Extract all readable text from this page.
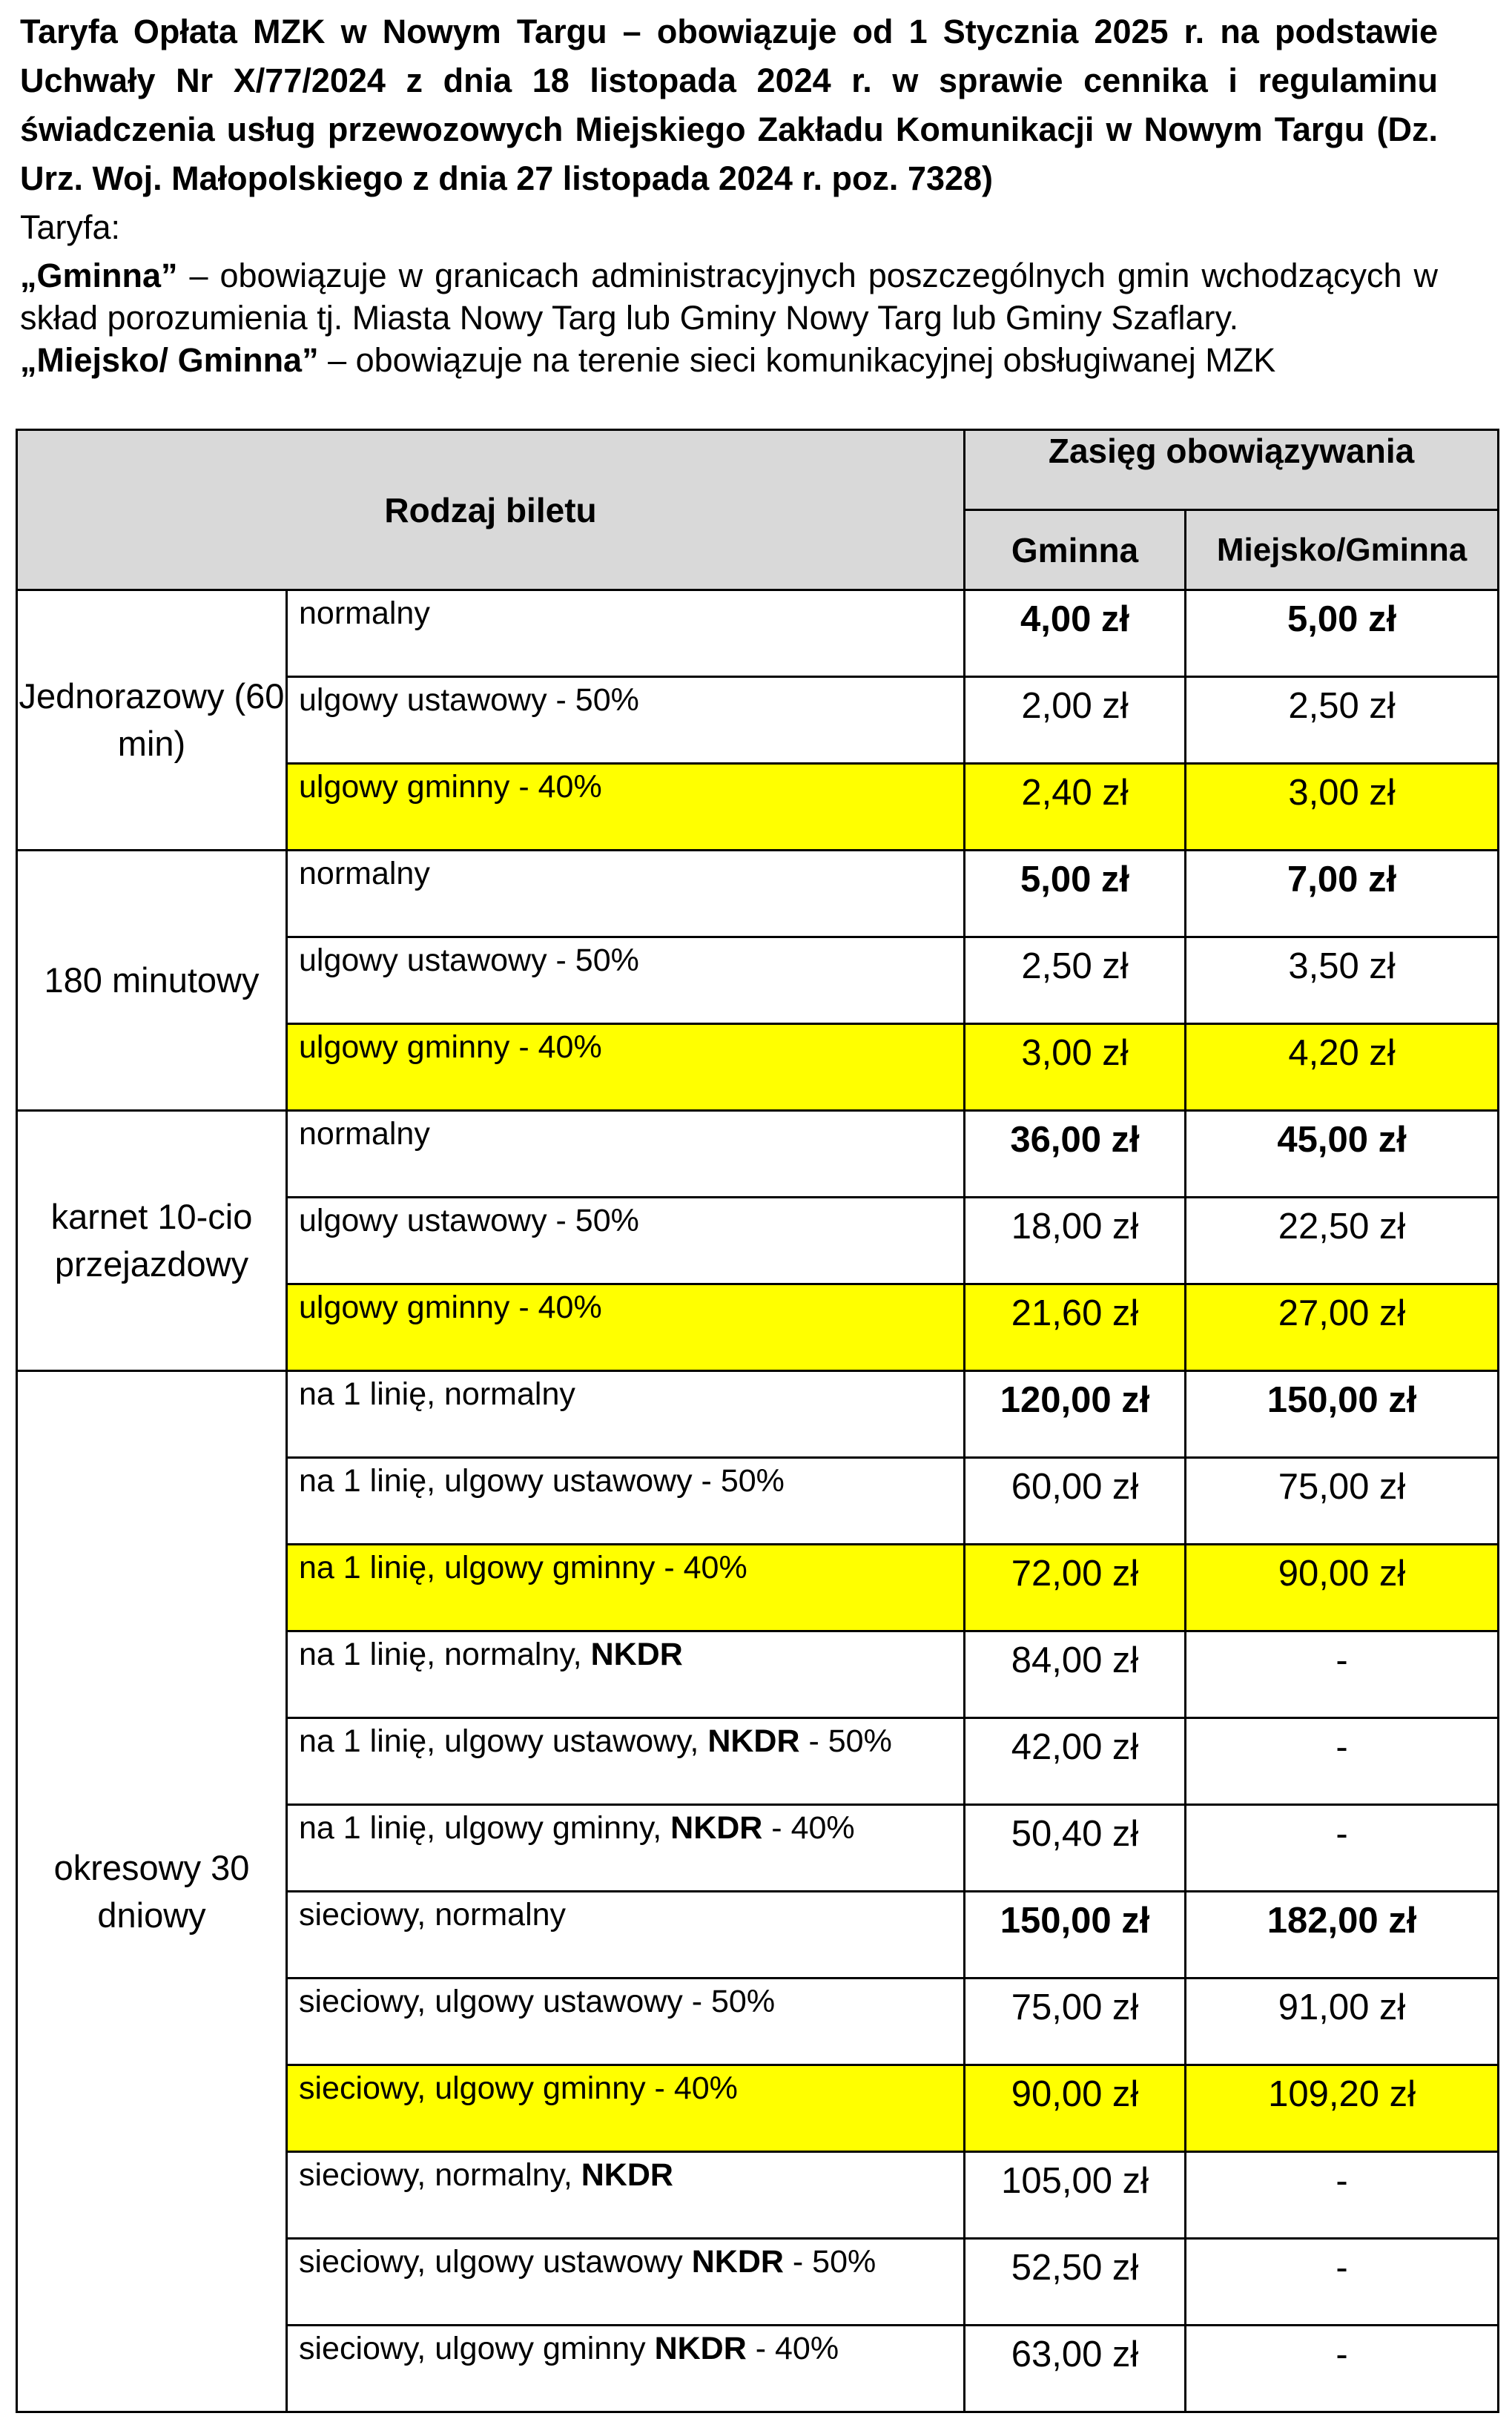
Taryfa Opłata MZK w Nowym Targu – obowiązuje od 1 Stycznia 2025 r. na podstawie Uchwały Nr X/77/2024 z dnia 18 listopada 2024 r. w sprawie cennika i regulaminu świadczenia usług przewozowych Miejskiego Zakładu Komunikacji w Nowym Targu (Dz. Urz. Woj. Małopolskiego z dnia 27 listopada 2024 r. poz. 7328)

Taryfa:

„Gminna” – obowiązuje w granicach administracyjnych poszczególnych gmin wchodzących w skład porozumienia tj. Miasta Nowy Targ lub Gminy Nowy Targ lub Gminy Szaflary.

„Miejsko/ Gminna” – obowiązuje na terenie sieci komunikacyjnej obsługiwanej MZK

Rodzaj biletu		Zasięg obowiązywania	
		Gminna	Miejsko/Gminna
Jednorazowy (60 min)	normalny	4,00 zł	5,00 zł
	ulgowy ustawowy - 50%	2,00 zł	2,50 zł
	ulgowy gminny - 40%	2,40 zł	3,00 zł
180 minutowy	normalny	5,00 zł	7,00 zł
	ulgowy ustawowy - 50%	2,50 zł	3,50 zł
	ulgowy gminny - 40%	3,00 zł	4,20 zł
karnet 10-cio przejazdowy	normalny	36,00 zł	45,00 zł
	ulgowy ustawowy - 50%	18,00 zł	22,50 zł
	ulgowy gminny - 40%	21,60 zł	27,00 zł
okresowy 30 dniowy	na 1 linię, normalny	120,00 zł	150,00 zł
	na 1 linię, ulgowy ustawowy - 50%	60,00 zł	75,00 zł
	na 1 linię, ulgowy gminny - 40%	72,00 zł	90,00 zł
	na 1 linię, normalny, NKDR	84,00 zł	-
	na 1 linię, ulgowy ustawowy, NKDR - 50%	42,00 zł	-
	na 1 linię, ulgowy gminny, NKDR - 40%	50,40 zł	-
	sieciowy, normalny	150,00 zł	182,00 zł
	sieciowy, ulgowy ustawowy - 50%	75,00 zł	91,00 zł
	sieciowy, ulgowy gminny - 40%	90,00 zł	109,20 zł
	sieciowy, normalny, NKDR	105,00 zł	-
	sieciowy, ulgowy ustawowy NKDR - 50%	52,50 zł	-
	sieciowy, ulgowy gminny NKDR - 40%	63,00 zł	-
